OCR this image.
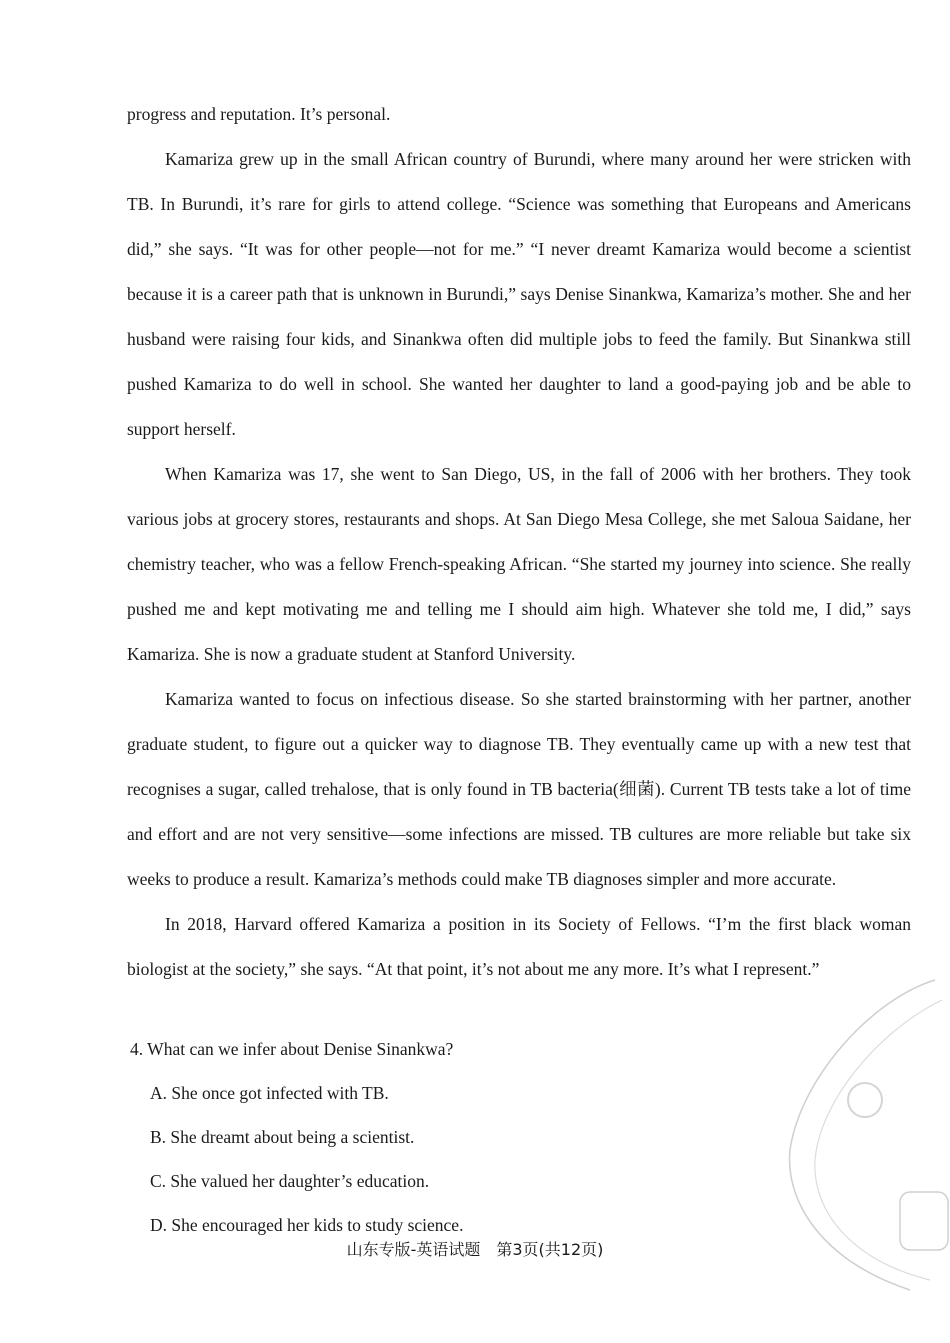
progress and reputation. It’s personal.

Kamariza grew up in the small African country of Burundi, where many around her were stricken with TB. In Burundi, it’s rare for girls to attend college. “Science was something that Europeans and Americans did,” she says. “It was for other people—not for me.” “I never dreamt Kamariza would become a scientist because it is a career path that is unknown in Burundi,” says Denise Sinankwa, Kamariza’s mother. She and her husband were raising four kids, and Sinankwa often did multiple jobs to feed the family. But Sinankwa still pushed Kamariza to do well in school. She wanted her daughter to land a good-paying job and be able to support herself.

When Kamariza was 17, she went to San Diego, US, in the fall of 2006 with her brothers. They took various jobs at grocery stores, restaurants and shops. At San Diego Mesa College, she met Saloua Saidane, her chemistry teacher, who was a fellow French-speaking African. “She started my journey into science. She really pushed me and kept motivating me and telling me I should aim high. Whatever she told me, I did,” says Kamariza. She is now a graduate student at Stanford University.

Kamariza wanted to focus on infectious disease. So she started brainstorming with her partner, another graduate student, to figure out a quicker way to diagnose TB. They eventually came up with a new test that recognises a sugar, called trehalose, that is only found in TB bacteria(细菌). Current TB tests take a lot of time and effort and are not very sensitive—some infections are missed. TB cultures are more reliable but take six weeks to produce a result. Kamariza’s methods could make TB diagnoses simpler and more accurate.

In 2018, Harvard offered Kamariza a position in its Society of Fellows. “I’m the first black woman biologist at the society,” she says. “At that point, it’s not about me any more. It’s what I represent.”

4. What can we infer about Denise Sinankwa?

A. She once got infected with TB.

B. She dreamt about being a scientist.

C. She valued her daughter’s education.

D. She encouraged her kids to study science.

山东专版-英语试题　第3页(共12页)
